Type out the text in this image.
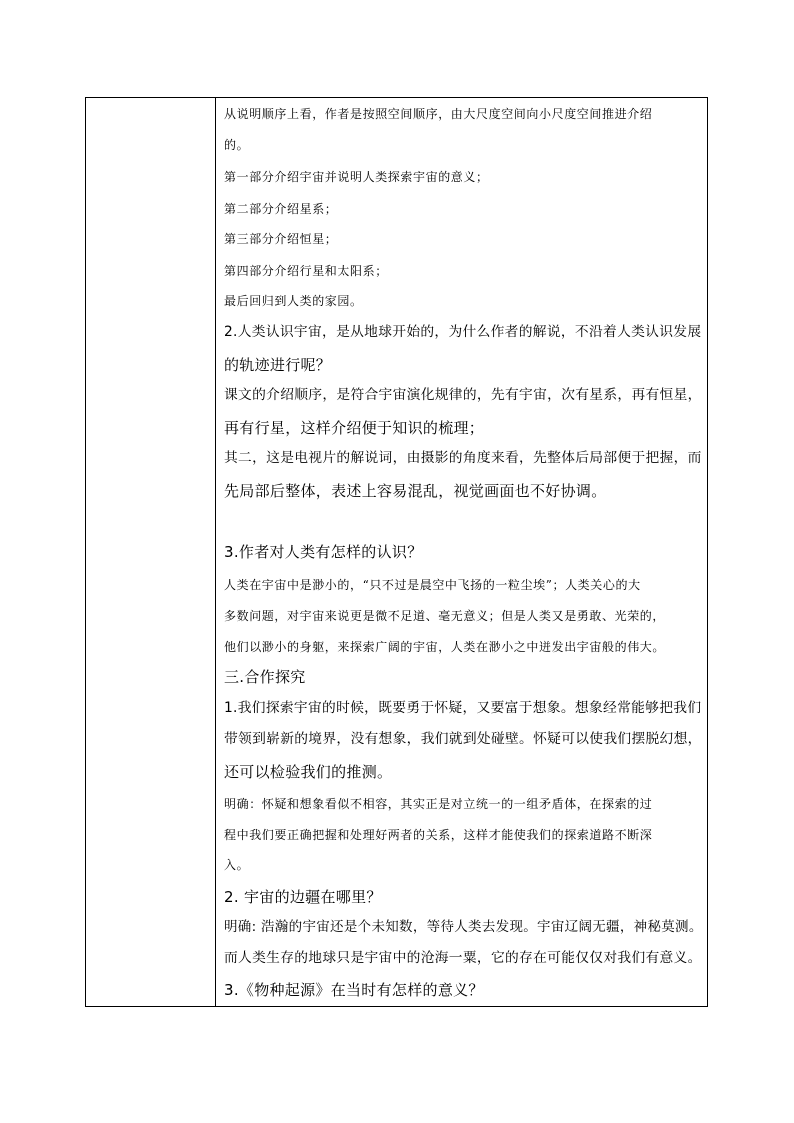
从说明顺序上看，作者是按照空间顺序，由大尺度空间向小尺度空间推进介绍
的。
第一部分介绍宇宙并说明人类探索宇宙的意义；
第二部分介绍星系；
第三部分介绍恒星；
第四部分介绍行星和太阳系；
最后回归到人类的家园。
2.人类认识宇宙，是从地球开始的，为什么作者的解说，不沿着人类认识发展
的轨迹进行呢？
课文的介绍顺序，是符合宇宙演化规律的，先有宇宙，次有星系，再有恒星，
再有行星，这样介绍便于知识的梳理；
其二，这是电视片的解说词，由摄影的角度来看，先整体后局部便于把握，而
先局部后整体，表述上容易混乱，视觉画面也不好协调。
3.作者对人类有怎样的认识？
人类在宇宙中是渺小的，“只不过是晨空中飞扬的一粒尘埃”；人类关心的大
多数问题，对宇宙来说更是微不足道、毫无意义；但是人类又是勇敢、光荣的，
他们以渺小的身躯，来探索广阔的宇宙，人类在渺小之中迸发出宇宙般的伟大。
三.合作探究
1.我们探索宇宙的时候，既要勇于怀疑，又要富于想象。想象经常能够把我们
带领到崭新的境界，没有想象，我们就到处碰壁。怀疑可以使我们摆脱幻想，
还可以检验我们的推测。
明确：怀疑和想象看似不相容，其实正是对立统一的一组矛盾体，在探索的过
程中我们要正确把握和处理好两者的关系，这样才能使我们的探索道路不断深
入。
2. 宇宙的边疆在哪里？
明确: 浩瀚的宇宙还是个未知数，等待人类去发现。宇宙辽阔无疆，神秘莫测。
而人类生存的地球只是宇宙中的沧海一粟，它的存在可能仅仅对我们有意义。
3.《物种起源》在当时有怎样的意义？
